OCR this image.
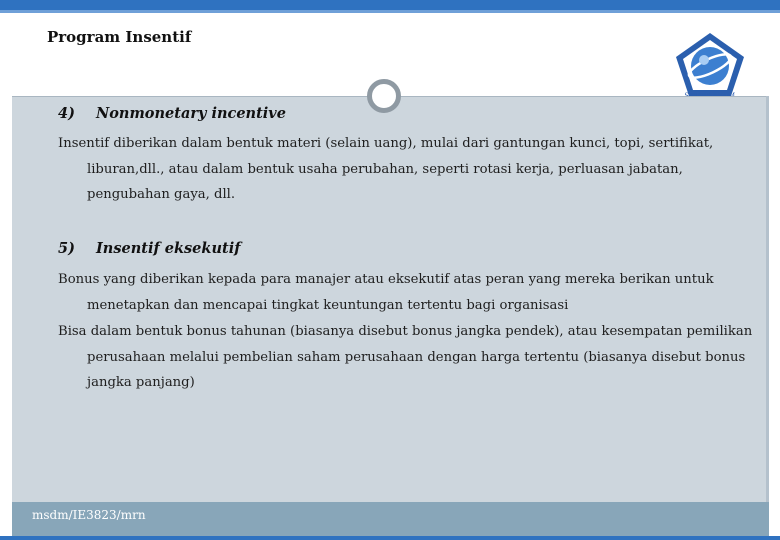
Program Insentif
4) Nonmonetary incentive
Insentif diberikan dalam bentuk materi (selain uang), mulai dari gantungan kunci, topi, sertifikat, liburan,dll., atau dalam bentuk usaha perubahan, seperti rotasi kerja, perluasan jabatan, pengubahan gaya, dll.
5) Insentif eksekutif
Bonus yang diberikan kepada para manajer atau eksekutif atas peran yang mereka berikan untuk menetapkan dan mencapai tingkat keuntungan tertentu bagi organisasi
Bisa dalam bentuk bonus tahunan (biasanya disebut bonus jangka pendek), atau kesempatan pemilikan perusahaan melalui pembelian saham perusahaan dengan harga tertentu (biasanya disebut bonus jangka panjang)
msdm/IE3823/mrn
